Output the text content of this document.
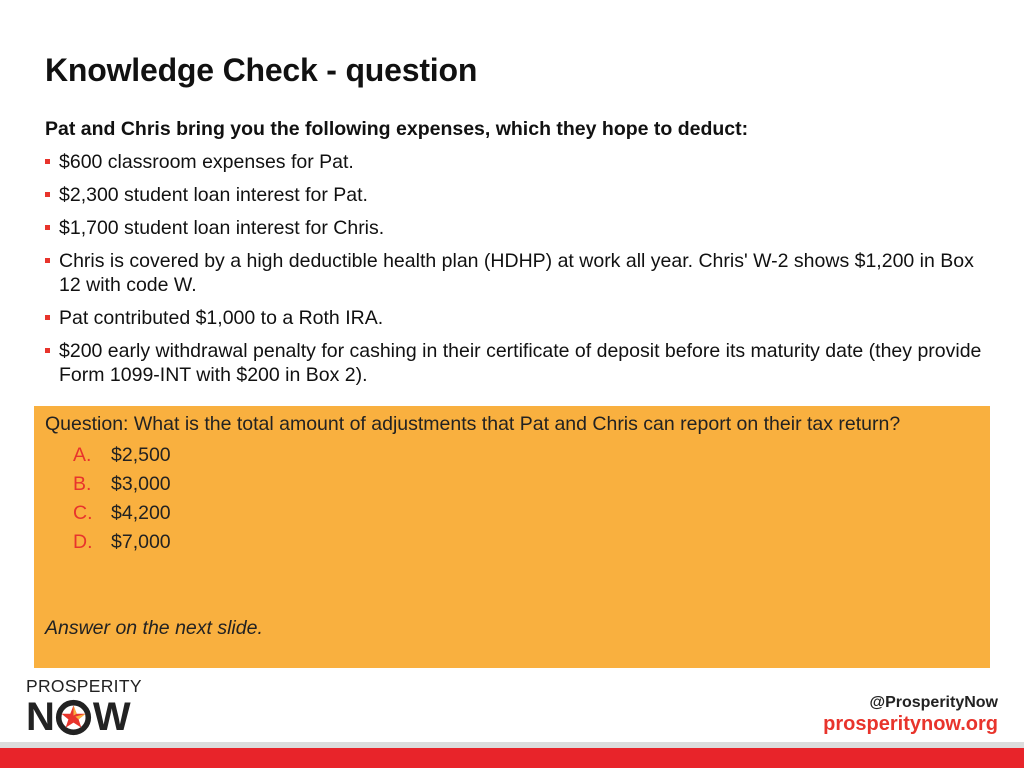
Knowledge Check - question
Pat and Chris bring you the following expenses, which they hope to deduct:
$600 classroom expenses for Pat.
$2,300 student loan interest for Pat.
$1,700 student loan interest for Chris.
Chris is covered by a high deductible health plan (HDHP) at work all year. Chris' W-2 shows $1,200 in Box 12 with code W.
Pat contributed $1,000 to a Roth IRA.
$200 early withdrawal penalty for cashing in their certificate of deposit before its maturity date (they provide Form 1099-INT with $200 in Box 2).
Question: What is the total amount of adjustments that Pat and Chris can report on their tax return?
A.	$2,500
B.	$3,000
C. $4,200
D. $7,000
Answer on the next slide.
PROSPERITY
N W	@ProsperityNow
prosperitynow.org
